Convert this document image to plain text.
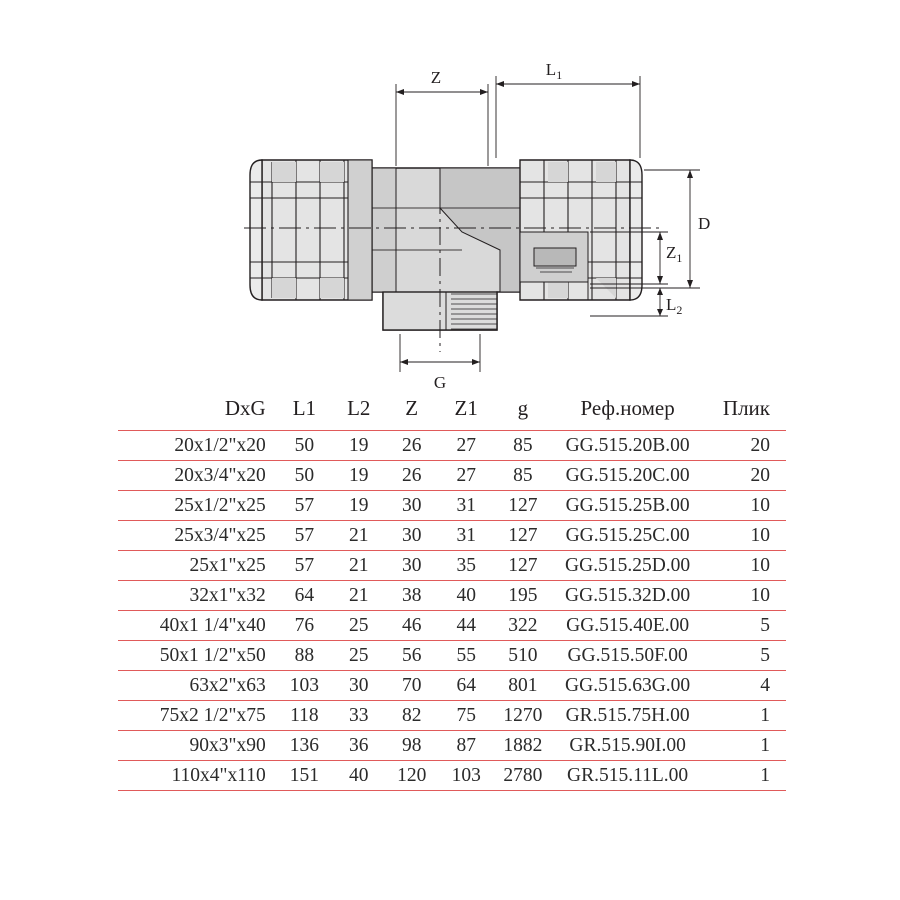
Z	$L_1$
D
$Z_1$
$L_2$
G
DxG	L1	L2	Z	Z1	g	Реф.номер	Плик
20x1/2"x20	50	19	26	27	85	GG.515.20B.00	20
20x3/4"x20	50	19	26	27	85	GG.515.20C.00	20
25x1/2"x25	57	19	30	31	127	GG.515.25B.00	10
25x3/4"x25	57	21	30	31	127	GG.515.25C.00	10
25x1"x25	57	21	30	35	127	GG.515.25D.00	10
32x1"x32	64	21	38	40	195	GG.515.32D.00	10
40x1 1/4"x40	76	25	46	44	322	GG.515.40E.00	5
50x1 1/2"x50	88	25	56	55	510	GG.515.50F.00	5
63x2"x63	103	30	70	64	801	GG.515.63G.00	4
75x2 1/2"x75	118	33	82	75	1270	GR.515.75H.00	1
90x3"x90	136	36	98	87	1882	GR.515.90I.00	1
110x4"x110	151	40	120	103	2780	GR.515.11L.00	1
